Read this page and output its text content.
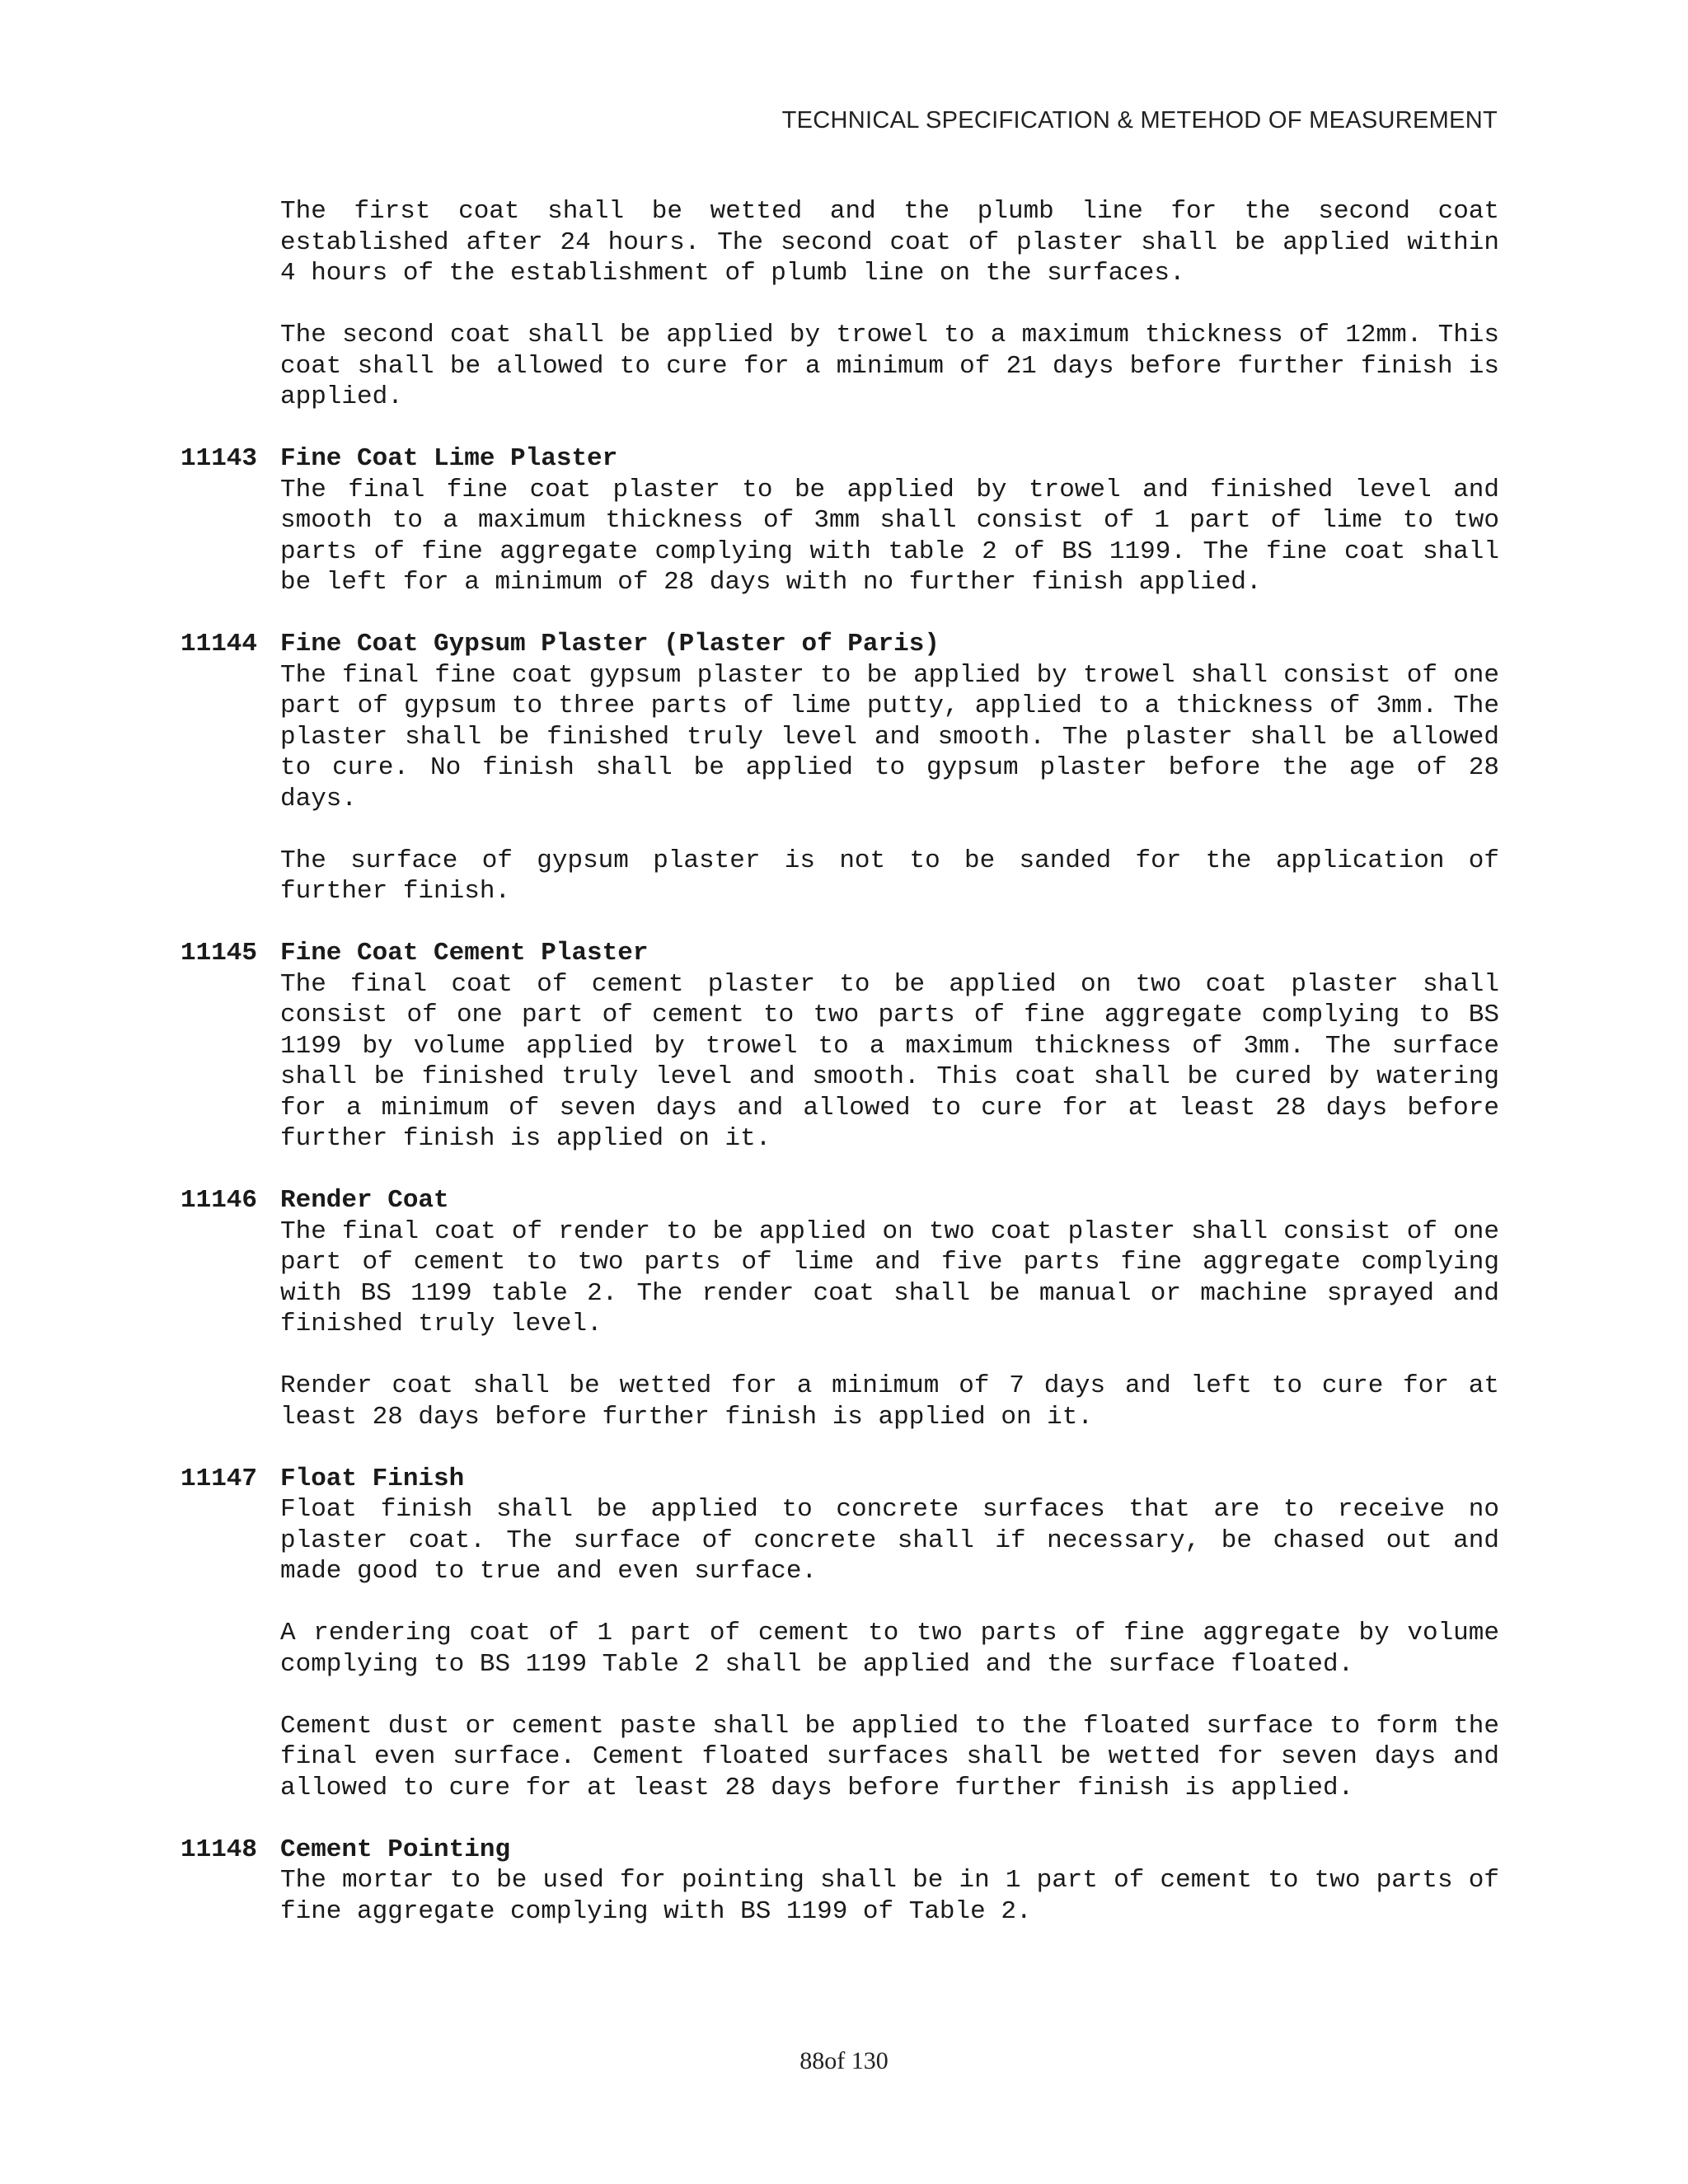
TECHNICAL SPECIFICATION & METEHOD OF MEASUREMENT

The first coat shall be wetted and the plumb line for the second coat established after 24 hours. The second coat of plaster shall be applied within 4 hours of the establishment of plumb line on the surfaces.

The second coat shall be applied by trowel to a maximum thickness of 12mm. This coat shall be allowed to cure for a minimum of 21 days before further finish is applied.

11143 Fine Coat Lime Plaster

The final fine coat plaster to be applied by trowel and finished level and smooth to a maximum thickness of 3mm shall consist of 1 part of lime to two parts of fine aggregate complying with table 2 of BS 1199. The fine coat shall be left for a minimum of 28 days with no further finish applied.

11144 Fine Coat Gypsum Plaster (Plaster of Paris)

The final fine coat gypsum plaster to be applied by trowel shall consist of one part of gypsum to three parts of lime putty, applied to a thickness of 3mm. The plaster shall be finished truly level and smooth. The plaster shall be allowed to cure. No finish shall be applied to gypsum plaster before the age of 28 days.

The surface of gypsum plaster is not to be sanded for the application of further finish.

11145 Fine Coat Cement Plaster

The final coat of cement plaster to be applied on two coat plaster shall consist of one part of cement to two parts of fine aggregate complying to BS 1199 by volume applied by trowel to a maximum thickness of 3mm. The surface shall be finished truly level and smooth. This coat shall be cured by watering for a minimum of seven days and allowed to cure for at least 28 days before further finish is applied on it.

11146 Render Coat

The final coat of render to be applied on two coat plaster shall consist of one part of cement to two parts of lime and five parts fine aggregate complying with BS 1199 table 2. The render coat shall be manual or machine sprayed and finished truly level.

Render coat shall be wetted for a minimum of 7 days and left to cure for at least 28 days before further finish is applied on it.

11147 Float Finish

Float finish shall be applied to concrete surfaces that are to receive no plaster coat. The surface of concrete shall if necessary, be chased out and made good to true and even surface.

A rendering coat of 1 part of cement to two parts of fine aggregate by volume complying to BS 1199 Table 2 shall be applied and the surface floated.

Cement dust or cement paste shall be applied to the floated surface to form the final even surface. Cement floated surfaces shall be wetted for seven days and allowed to cure for at least 28 days before further finish is applied.

11148 Cement Pointing

The mortar to be used for pointing shall be in 1 part of cement to two parts of fine aggregate complying with BS 1199 of Table 2.

88of 130
